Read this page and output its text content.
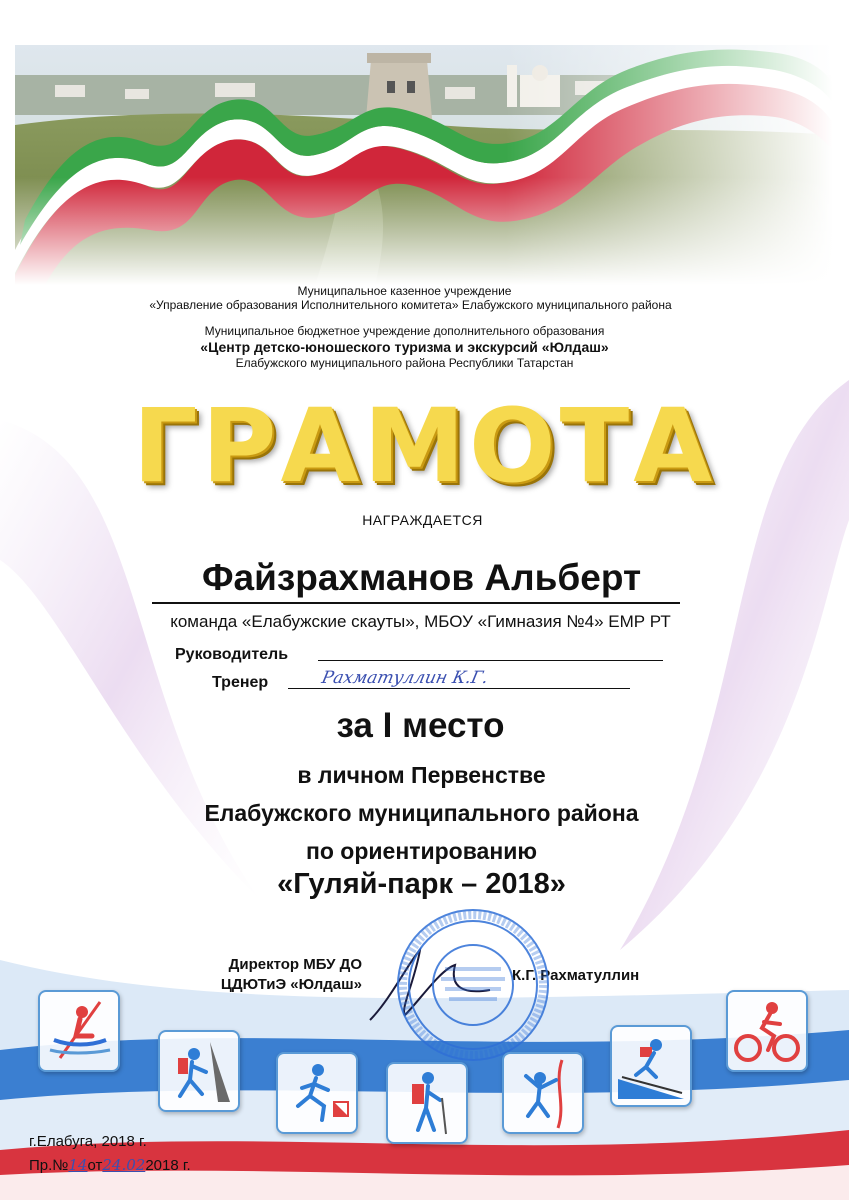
Муниципальное казенное учреждение
«Управление образования Исполнительного комитета» Елабужского муниципального района
Муниципальное бюджетное учреждение дополнительного образования
«Центр детско-юношеского туризма и экскурсий «Юлдаш»
Елабужского муниципального района Республики Татарстан
ГРАМОТА
НАГРАЖДАЕТСЯ
Файзрахманов Альберт
команда «Елабужские скауты», МБОУ «Гимназия №4» ЕМР РТ
Руководитель
Тренер	Рахматуллин К.Г.
за I место
в личном Первенстве
Елабужского муниципального района
по ориентированию
«Гуляй-парк – 2018»
Директор МБУ ДО
ЦДЮТиЭ «Юлдаш»
К.Г. Рахматуллин
г.Елабуга, 2018 г.
Пр.№14от24.022018 г.
